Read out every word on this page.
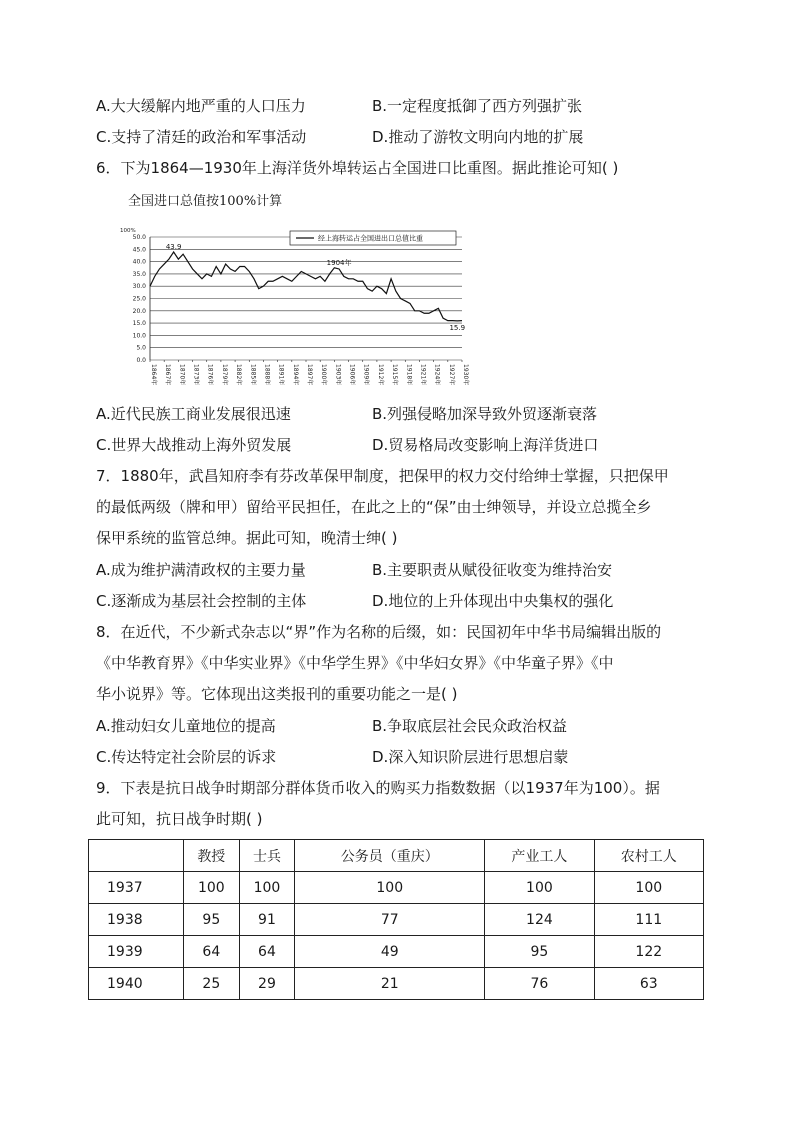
A.大大缓解内地严重的人口压力	B.一定程度抵御了西方列强扩张
C.支持了清廷的政治和军事活动	D.推动了游牧文明向内地的扩展
6．下为1864—1930年上海洋货外埠转运占全国进口比重图。据此推论可知( )
全国进口总值按100%计算
100%
50.0
45.0
40.0
35.0
30.0
25.0
20.0
15.0
10.0
5.0
0.0
1864年 1867年 1870年 1873年 1876年 1879年 1882年 1885年 1888年 1891年 1894年 1897年 1900年 1903年 1906年 1909年 1912年 1915年 1918年 1921年 1924年 1927年 1930年
经上海转运占全国进出口总值比重
43.9
1904年
15.9
A.近代民族工商业发展很迅速	B.列强侵略加深导致外贸逐渐衰落
C.世界大战推动上海外贸发展	D.贸易格局改变影响上海洋货进口
7．1880年，武昌知府李有芬改革保甲制度，把保甲的权力交付给绅士掌握，只把保甲
的最低两级（牌和甲）留给平民担任，在此之上的“保”由士绅领导，并设立总揽全乡
保甲系统的监管总绅。据此可知，晚清士绅( )
A.成为维护满清政权的主要力量	B.主要职责从赋役征收变为维持治安
C.逐渐成为基层社会控制的主体	D.地位的上升体现出中央集权的强化
8．在近代，不少新式杂志以“界”作为名称的后缀，如：民国初年中华书局编辑出版的
《中华教育界》《中华实业界》《中华学生界》《中华妇女界》《中华童子界》《中
华小说界》等。它体现出这类报刊的重要功能之一是( )
A.推动妇女儿童地位的提高	B.争取底层社会民众政治权益
C.传达特定社会阶层的诉求	D.深入知识阶层进行思想启蒙
9．下表是抗日战争时期部分群体货币收入的购买力指数数据（以1937年为100）。据
此可知，抗日战争时期( )
	教授	士兵	公务员（重庆）	产业工人	农村工人
1937	100	100	100	100	100
1938	95	91	77	124	111
1939	64	64	49	95	122
1940	25	29	21	76	63
